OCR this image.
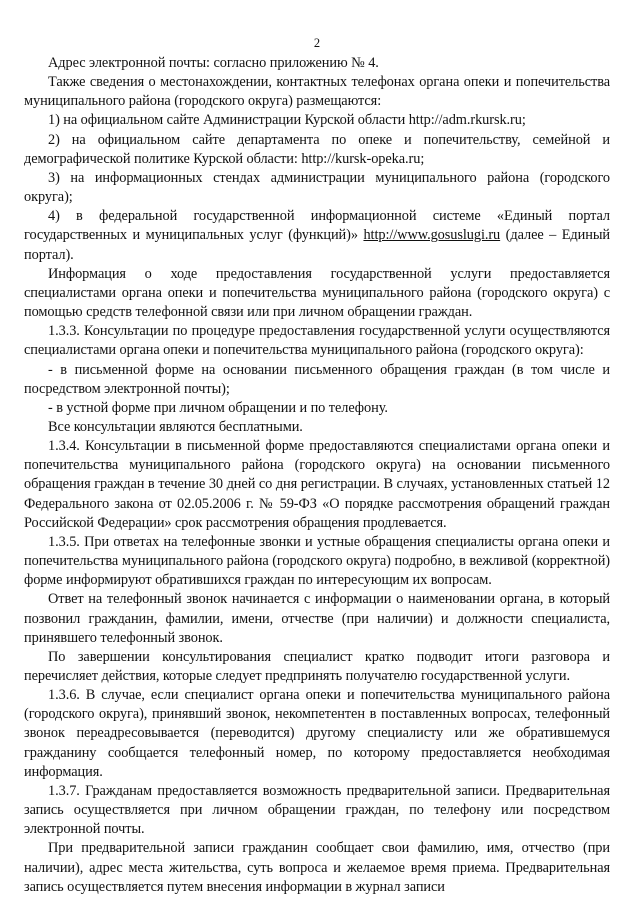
2

Адрес электронной почты: согласно приложению № 4.

Также сведения о местонахождении, контактных телефонах органа опеки и попечительства муниципального района (городского округа) размещаются:

1) на официальном сайте Администрации Курской области http://adm.rkursk.ru;

2) на официальном сайте департамента по опеке и попечительству, семейной и демографической политике Курской области: http://kursk-opeka.ru;

3) на информационных стендах администрации муниципального района (городского округа);

4) в федеральной государственной информационной системе «Единый портал государственных и муниципальных услуг (функций)» http://www.gosuslugi.ru (далее – Единый портал).

Информация о ходе предоставления государственной услуги предоставляется специалистами органа опеки и попечительства муниципального района (городского округа) с помощью средств телефонной связи или при личном обращении граждан.

1.3.3. Консультации по процедуре предоставления государственной услуги осуществляются специалистами органа опеки и попечительства муниципального района (городского округа):

- в письменной форме на основании письменного обращения граждан (в том числе и посредством электронной почты);

- в устной форме при личном обращении и по телефону.

Все консультации являются бесплатными.

1.3.4. Консультации в письменной форме предоставляются специалистами органа опеки и попечительства муниципального района (городского округа) на основании письменного обращения граждан в течение 30 дней со дня регистрации. В случаях, установленных статьей 12 Федерального закона от 02.05.2006 г. № 59-ФЗ «О порядке рассмотрения обращений граждан Российской Федерации» срок рассмотрения обращения продлевается.

1.3.5. При ответах на телефонные звонки и устные обращения специалисты органа опеки и попечительства муниципального района (городского округа) подробно, в вежливой (корректной) форме информируют обратившихся граждан по интересующим их вопросам.

Ответ на телефонный звонок начинается с информации о наименовании органа, в который позвонил гражданин, фамилии, имени, отчестве (при наличии) и должности специалиста, принявшего телефонный звонок.

По завершении консультирования специалист кратко подводит итоги разговора и перечисляет действия, которые следует предпринять получателю государственной услуги.

1.3.6. В случае, если специалист органа опеки и попечительства муниципального района (городского округа), принявший звонок, некомпетентен в поставленных вопросах, телефонный звонок переадресовывается (переводится) другому специалисту или же обратившемуся гражданину сообщается телефонный номер, по которому предоставляется необходимая информация.

1.3.7. Гражданам предоставляется возможность предварительной записи. Предварительная запись осуществляется при личном обращении граждан, по телефону или посредством электронной почты.

При предварительной записи гражданин сообщает свои фамилию, имя, отчество (при наличии), адрес места жительства, суть вопроса и желаемое время приема. Предварительная запись осуществляется путем внесения информации в журнал записи
